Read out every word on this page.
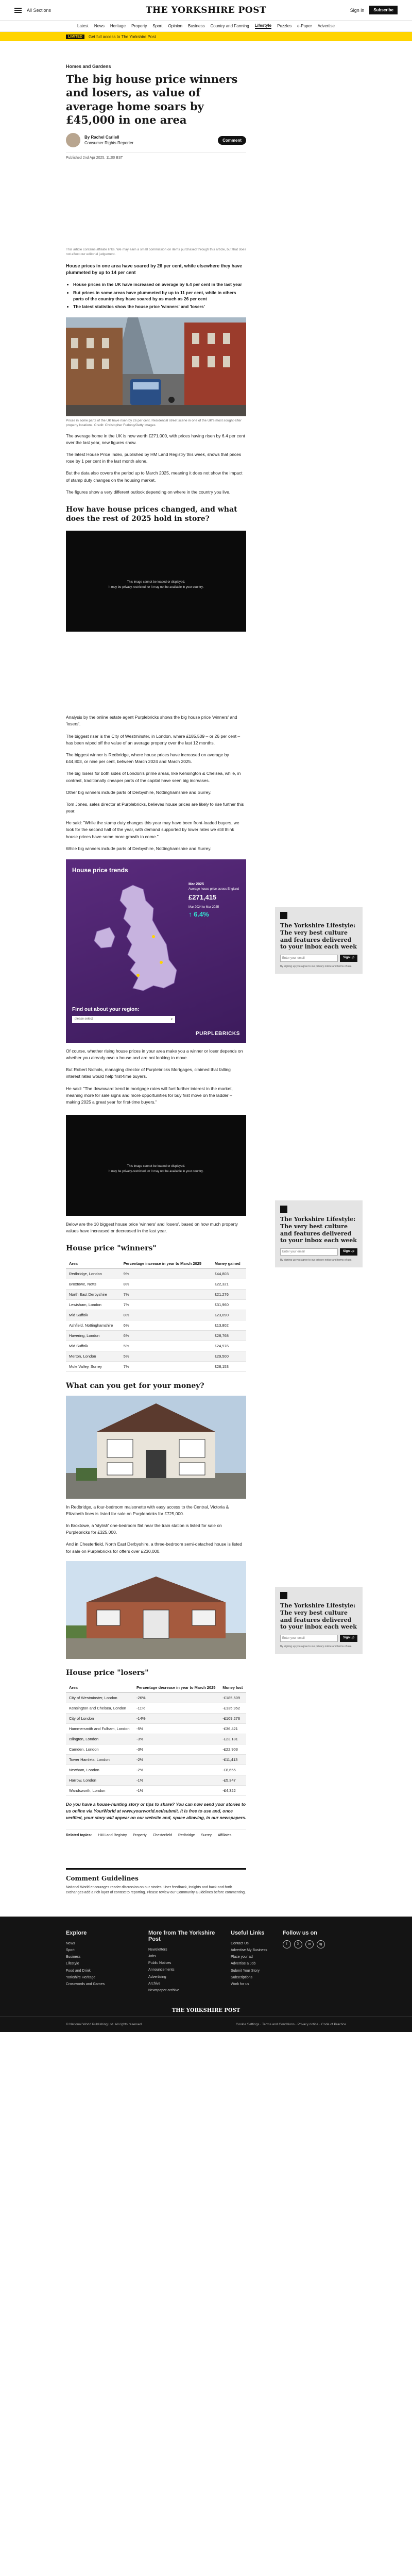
All Sections	THE YORKSHIRE POST	Sign in	Subscribe
Latest News Heritage Property Sport Opinion Business Country and Farming Lifestyle Puzzles e-Paper Advertise
LIMITED	Get full access to The Yorkshire Post
Homes and Gardens
The big house price winners and losers, as value of average home soars by £45,000 in one area
By Rachel Carliell
Consumer Rights Reporter
Comment
Published 2nd Apr 2025, 11:00 BST
This article contains affiliate links. We may earn a small commission on items purchased through this article, but that does not affect our editorial judgement.
House prices in one area have soared by 26 per cent, while elsewhere they have plummeted by up to 14 per cent
• House prices in the UK have increased on average by 6.4 per cent in the last year
• But prices in some areas have plummeted by up to 11 per cent, while in others parts of the country they have soared by as much as 26 per cent
• The latest statistics show the house price 'winners' and 'losers'
Prices in some parts of the UK have risen by 26 per cent. Residential street scene in one of the UK's most sought-after property locations. Credit: Christopher Furlong/Getty Images

The average home in the UK is now worth £271,000, with prices having risen by 6.4 per cent over the last year, new figures show.

The latest House Price Index, published by HM Land Registry this week, shows that prices rose by 1 per cent in the last month alone.

But the data also covers the period up to March 2025, meaning it does not show the impact of stamp duty changes on the housing market.

The figures show a very different outlook depending on where in the country you live.

How have house prices changed, and what does the rest of 2025 hold in store?
This image cannot be loaded or displayed.
It may be privacy-restricted, or it may not be available in your country.

Analysis by the online estate agent Purplebricks shows the big house price 'winners' and 'losers'.

The biggest riser is the City of Westminster, in London, where £185,509 – or 26 per cent – has been wiped off the value of an average property over the last 12 months.

The biggest winner is Redbridge, where house prices have increased on average by £44,803, or nine per cent, between March 2024 and March 2025.

The big losers for both sides of London's prime areas, like Kensington & Chelsea, while, in contrast, traditionally cheaper parts of the capital have seen big increases.

Other big winners include parts of Derbyshire, Nottinghamshire and Surrey.

Tom Jones, sales director at Purplebricks, believes house prices are likely to rise further this year.

He said: "While the stamp duty changes this year may have been front-loaded buyers, we look for the second half of the year, with demand supported by lower rates we still think house prices have some more growth to come."

While big winners include parts of Derbyshire, Nottinghamshire and Surrey.

House price trends
Mar 2025
Average house price across England
£271,415
Mar 2024 to Mar 2025
↑ 6.4%
Find out about your region:
please select	▾
PURPLEBRICKS

Of course, whether rising house prices in your area make you a winner or loser depends on whether you already own a house and are not looking to move.

But Robert Nichols, managing director of Purplebricks Mortgages, claimed that falling interest rates would help first-time buyers.

He said: "The downward trend in mortgage rates will fuel further interest in the market, meaning more for sale signs and more opportunities for buy first move on the ladder – making 2025 a great year for first-time buyers."

This image cannot be loaded or displayed.
It may be privacy-restricted, or it may not be available in your country.

Below are the 10 biggest house price 'winners' and 'losers', based on how much property values have increased or decreased in the last year.

House price "winners"
Area	Percentage increase in year to March 2025	Money gained
Redbridge, London	9%	£44,803
Broxtowe, Notts	8%	£22,321
North East Derbyshire	7%	£21,276
Lewisham, London	7%	£31,960
Mid Suffolk	8%	£23,090
Ashfield, Nottinghamshire	6%	£13,802
Havering, London	6%	£28,768
Mid Suffolk	5%	£24,976
Merton, London	5%	£29,500
Mole Valley, Surrey	7%	£28,153
What can you get for your money?

In Redbridge, a four-bedroom maisonette with easy access to the Central, Victoria & Elizabeth lines is listed for sale on Purplebricks for £725,000.

In Broxtowe, a 'stylish' one-bedroom flat near the train station is listed for sale on Purplebricks for £325,000.

And in Chesterfield, North East Derbyshire, a three-bedroom semi-detached house is listed for sale on Purplebricks for offers over £230,000.

House price "losers"
Area	Percentage decrease in year to March 2025	Money lost
City of Westminster, London	-26%	-£185,509
Kensington and Chelsea, London	-11%	-£135,952
City of London	-14%	-£109,276
Hammersmith and Fulham, London	-5%	-£36,421
Islington, London	-3%	-£23,181
Camden, London	-3%	-£22,903
Tower Hamlets, London	-2%	-£11,413
Newham, London	-2%	-£8,655
Harrow, London	-1%	-£5,347
Wandsworth, London	-1%	-£4,322

Do you have a house-hunting story or tips to share? You can now send your stories to us online via YourWorld at www.yourworld.net/submit. It is free to use and, once verified, your story will appear on our website and, space allowing, in our newspapers.

Related topics: HM Land Registry Property Chesterfield Redbridge Surrey Affiliates
Comment Guidelines

National World encourages reader discussion on our stories. User feedback, insights and back-and-forth exchanges add a rich layer of context to reporting. Please review our Community Guidelines before commenting.

The Yorkshire Lifestyle: The very best culture and features delivered to your inbox each week
Enter your email	Sign up
By signing up you agree to our privacy notice and terms of use.
The Yorkshire Lifestyle: The very best culture and features delivered to your inbox each week
Enter your email	Sign up
By signing up you agree to our privacy notice and terms of use.
The Yorkshire Lifestyle: The very best culture and features delivered to your inbox each week
Enter your email	Sign up
By signing up you agree to our privacy notice and terms of use.
Explore
News
Sport
Business
Lifestyle
Food and Drink
Yorkshire Heritage
Crosswords and Games
More from The Yorkshire Post
Newsletters
Jobs
Public Notices
Announcements
Advertising
Archive
Newspaper archive
Useful Links
Contact Us
Advertise My Business
Place your ad
Advertise a Job
Submit Your Story
Subscriptions
Work for us
Follow us on
f	X	in	ig
THE YORKSHIRE POST
© National World Publishing Ltd. All rights reserved.	Cookie Settings · Terms and Conditions · Privacy notice · Code of Practice
